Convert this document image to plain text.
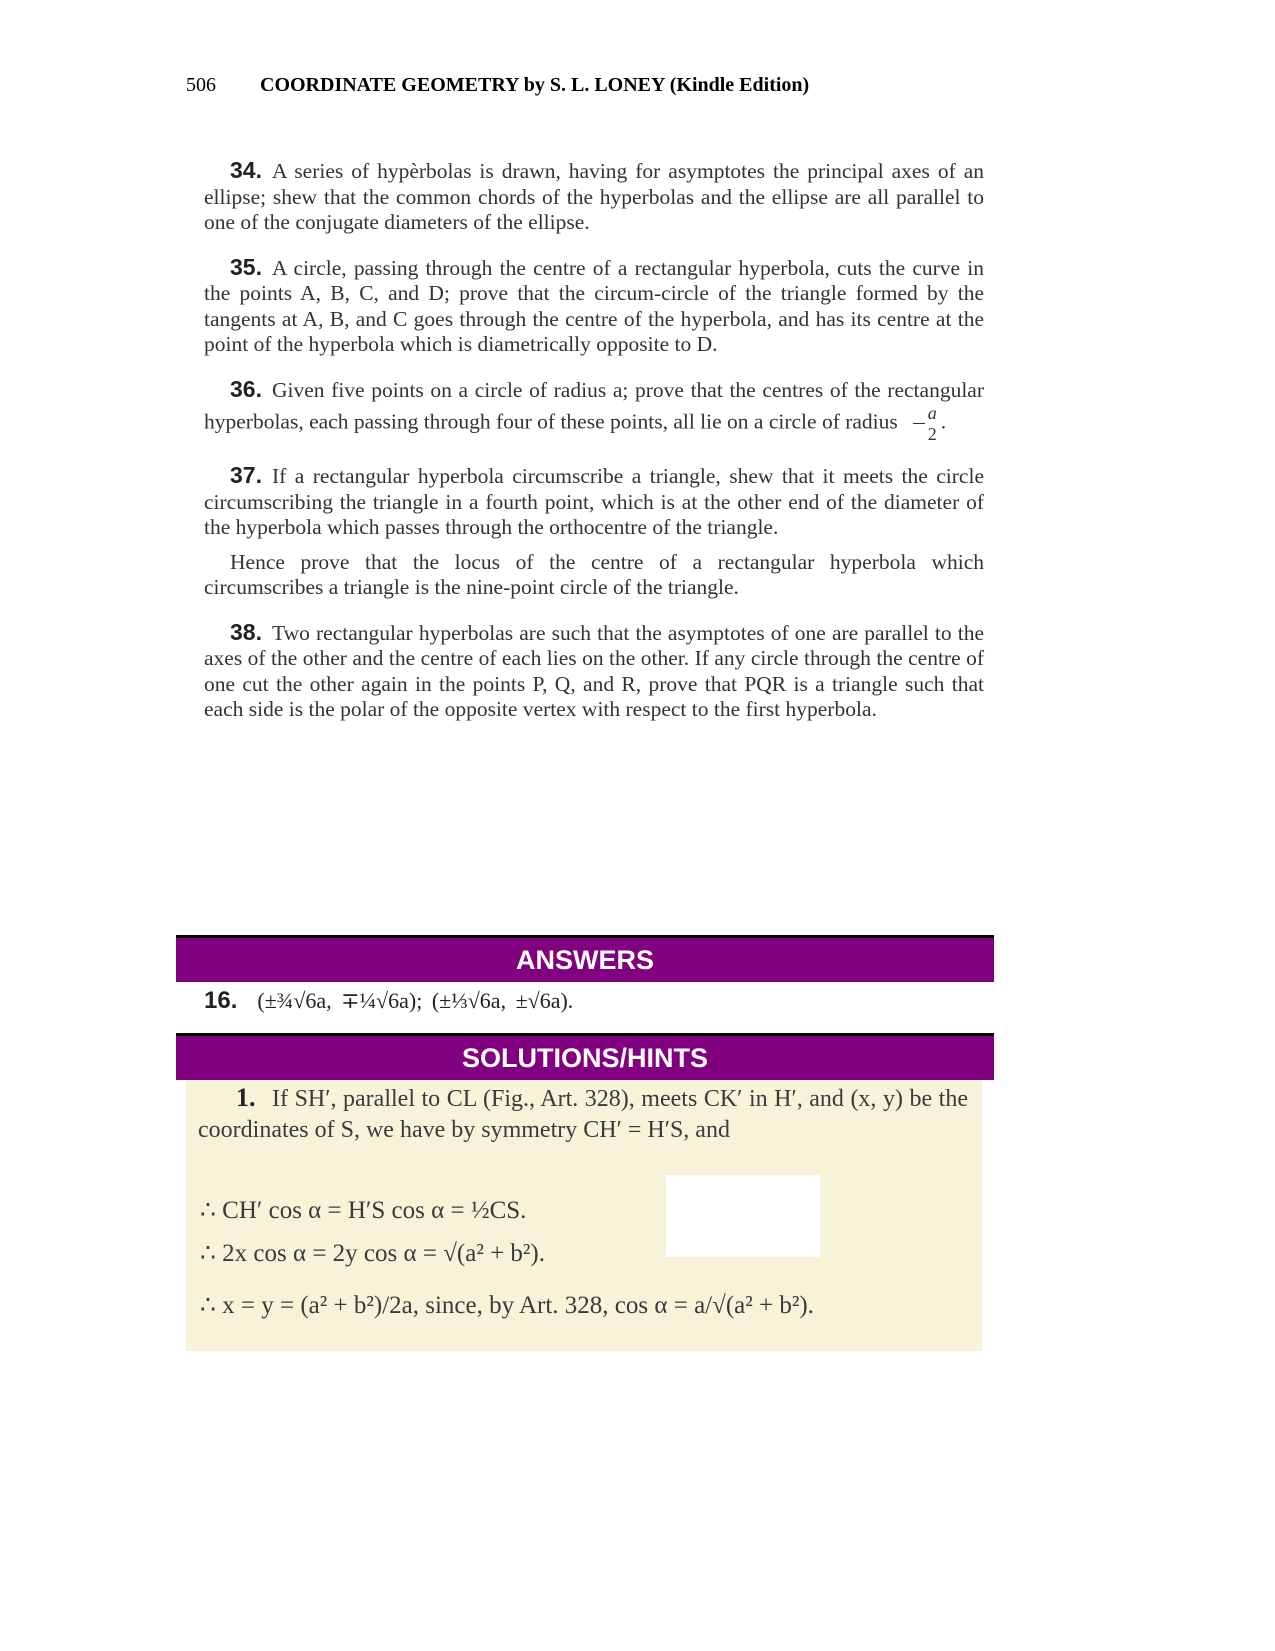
506 COORDINATE GEOMETRY by S. L. LONEY (Kindle Edition)

34. A series of hypèrbolas is drawn, having for asymptotes the principal axes of an ellipse; shew that the common chords of the hyperbolas and the ellipse are all parallel to one of the conjugate diameters of the ellipse.

35. A circle, passing through the centre of a rectangular hyperbola, cuts the curve in the points A, B, C, and D; prove that the circum-circle of the triangle formed by the tangents at A, B, and C goes through the centre of the hyperbola, and has its centre at the point of the hyperbola which is diametrically opposite to D.

36. Given five points on a circle of radius a; prove that the centres of the rectangular hyperbolas, each passing through four of these points, all lie on a circle of radius $\frac{a}{2}$ .

37. If a rectangular hyperbola circumscribe a triangle, shew that it meets the circle circumscribing the triangle in a fourth point, which is at the other end of the diameter of the hyperbola which passes through the orthocentre of the triangle.

Hence prove that the locus of the centre of a rectangular hyperbola which circumscribes a triangle is the nine-point circle of the triangle.

38. Two rectangular hyperbolas are such that the asymptotes of one are parallel to the axes of the other and the centre of each lies on the other. If any circle through the centre of one cut the other again in the points P, Q, and R, prove that PQR is a triangle such that each side is the polar of the opposite vertex with respect to the first hyperbola.

ANSWERS
16. (±¾√6a, ∓¼√6a); (±⅓√6a, ±√6a).
SOLUTIONS/HINTS

1. If SH′, parallel to CL (Fig., Art. 328), meets CK′ in H′, and (x, y) be the coordinates of S, we have by symmetry CH′ = H′S, and

∴ CH′ cos α = H′S cos α = ½CS.
∴ 2x cos α = 2y cos α = √(a² + b²).
∴ x = y = (a² + b²)/2a, since, by Art. 328, cos α = a/√(a² + b²).
